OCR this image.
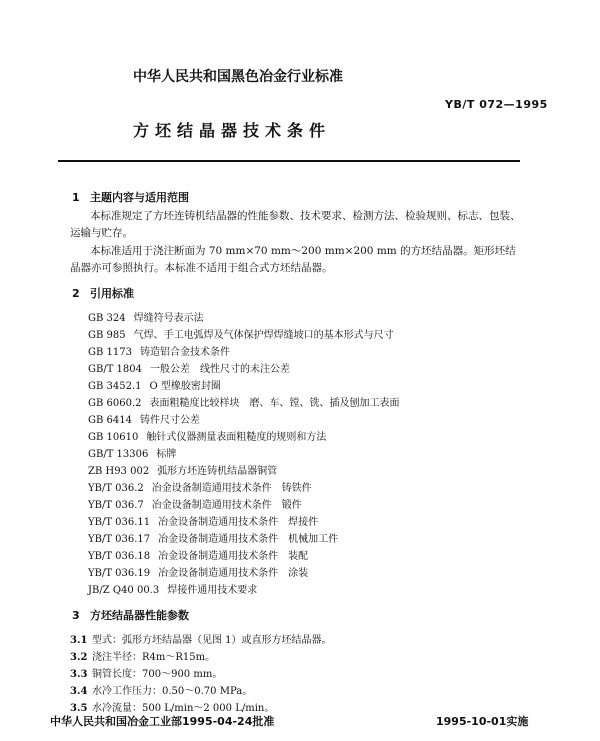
中华人民共和国黑色冶金行业标准
YB/T 072—1995
方坯结晶器技术条件
1 主题内容与适用范围
本标准规定了方坯连铸机结晶器的性能参数、技术要求、检测方法、检验规则、标志、包装、运输与贮存。
本标准适用于浇注断面为 70 mm×70 mm～200 mm×200 mm 的方坯结晶器。矩形坯结晶器亦可参照执行。本标准不适用于组合式方坯结晶器。
2 引用标准
GB 324 焊缝符号表示法
GB 985 气焊、手工电弧焊及气体保护焊焊缝坡口的基本形式与尺寸
GB 1173 铸造铝合金技术条件
GB/T 1804 一般公差　线性尺寸的未注公差
GB 3452.1 O 型橡胶密封圈
GB 6060.2 表面粗糙度比较样块　磨、车、镗、铣、插及刨加工表面
GB 6414 铸件尺寸公差
GB 10610 触针式仪器测量表面粗糙度的规则和方法
GB/T 13306 标牌
ZB H93 002 弧形方坯连铸机结晶器铜管
YB/T 036.2 冶金设备制造通用技术条件　铸铁件
YB/T 036.7 冶金设备制造通用技术条件　锻件
YB/T 036.11 冶金设备制造通用技术条件　焊接件
YB/T 036.17 冶金设备制造通用技术条件　机械加工件
YB/T 036.18 冶金设备制造通用技术条件　装配
YB/T 036.19 冶金设备制造通用技术条件　涂装
JB/Z Q40 00.3 焊接件通用技术要求
3 方坯结晶器性能参数
3.1 型式：弧形方坯结晶器（见图 1）或直形方坯结晶器。
3.2 浇注半径：R4m～R15m。
3.3 铜管长度：700～900 mm。
3.4 水冷工作压力：0.50～0.70 MPa。
3.5 水冷流量：500 L/min～2 000 L/min。
中华人民共和国冶金工业部1995-04-24批准	1995-10-01实施
